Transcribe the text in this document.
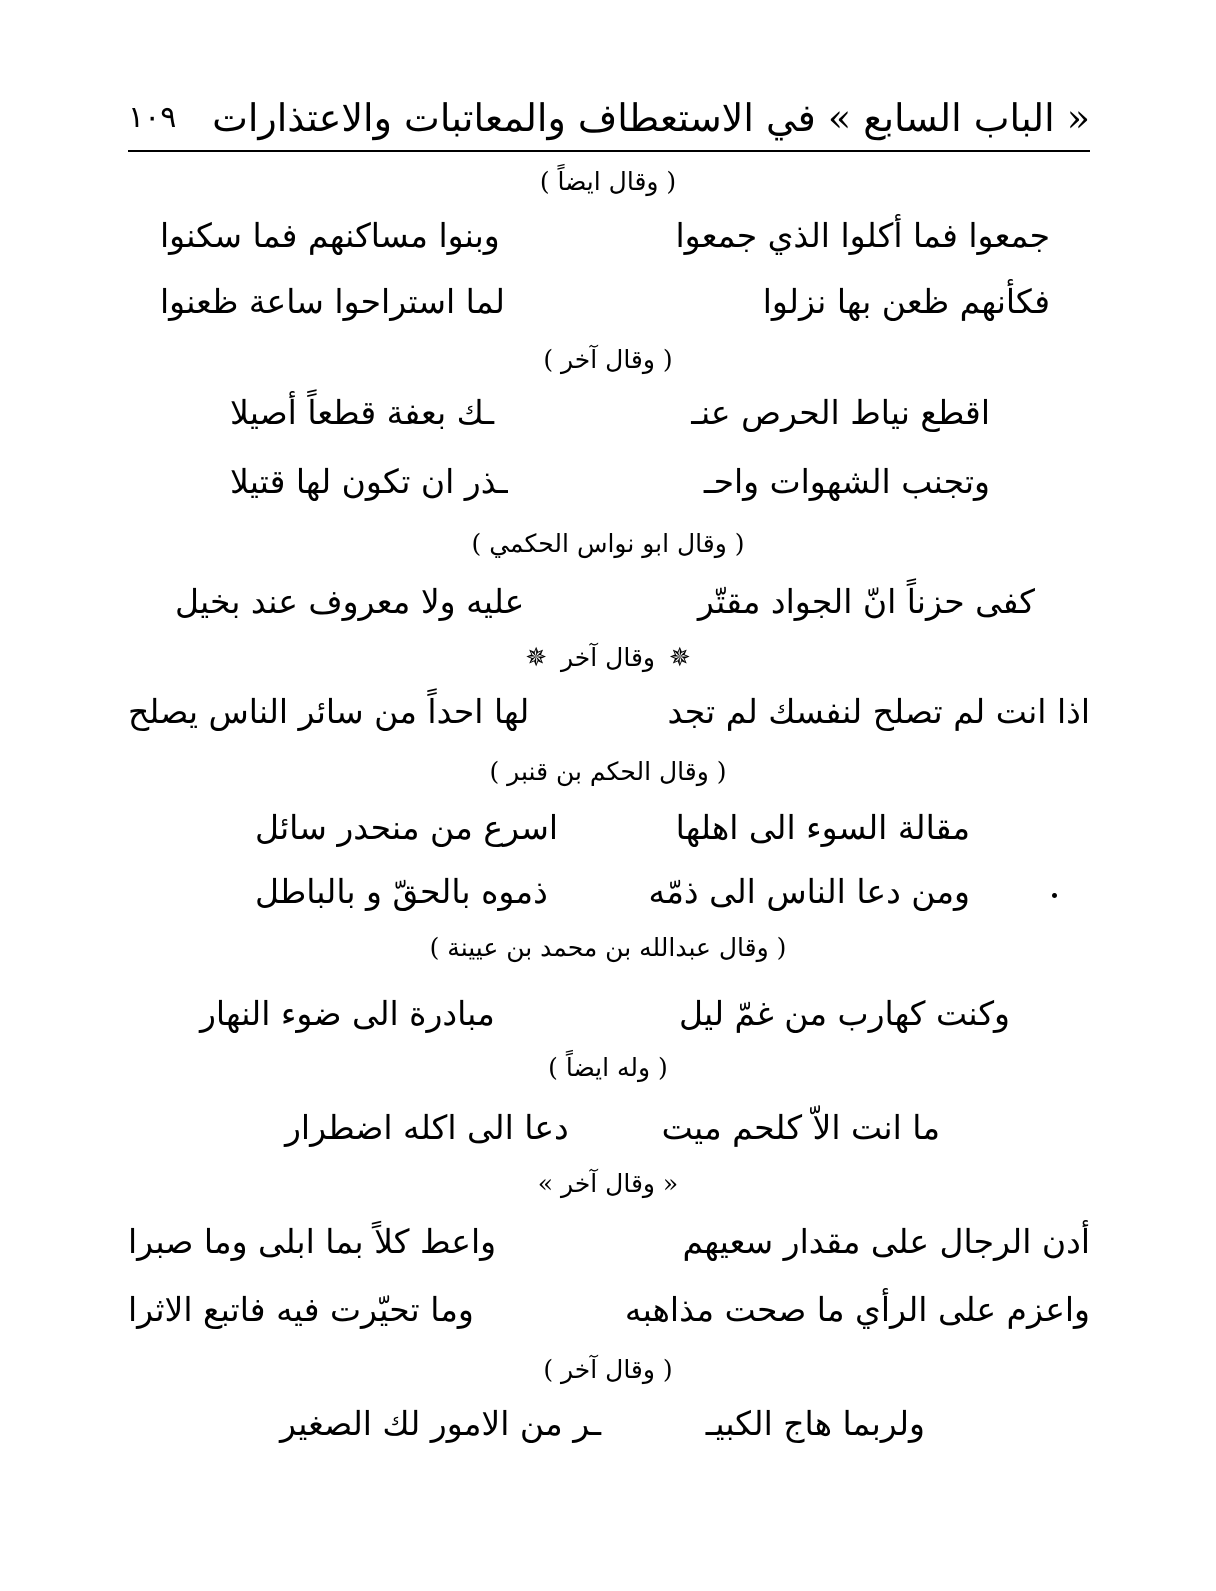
« الباب السابع » في الاستعطاف والمعاتبات والاعتذارات
١٠٩
( وقال ايضاً )
جمعوا فما أكلوا الذي جمعوا
وبنوا مساكنهم فما سكنوا
فكأنهم ظعن بها نزلوا
لما استراحوا ساعة ظعنوا
( وقال آخر )
اقطع نياط الحرص عنـ
ـك بعفة قطعاً أصيلا
وتجنب الشهوات واحـ
ـذر ان تكون لها قتيلا
( وقال ابو نواس الحكمي )
كفى حزناً انّ الجواد مقتّر
عليه ولا معروف عند بخيل
✵ وقال آخر ✵
اذا انت لم تصلح لنفسك لم تجد
لها احداً من سائر الناس يصلح
( وقال الحكم بن قنبر )
مقالة السوء الى اهلها
اسرع من منحدر سائل
ومن دعا الناس الى ذمّه
ذموه بالحقّ و بالباطل
( وقال عبدالله بن محمد بن عيينة )
وكنت كهارب من غمّ ليل
مبادرة الى ضوء النهار
( وله ايضاً )
ما انت الاّ كلحم ميت
دعا الى اكله اضطرار
« وقال آخر »
أدن الرجال على مقدار سعيهم
واعط كلاً بما ابلى وما صبرا
واعزم على الرأي ما صحت مذاهبه
وما تحيّرت فيه فاتبع الاثرا
( وقال آخر )
ولربما هاج الكبيـ
ـر من الامور لك الصغير
